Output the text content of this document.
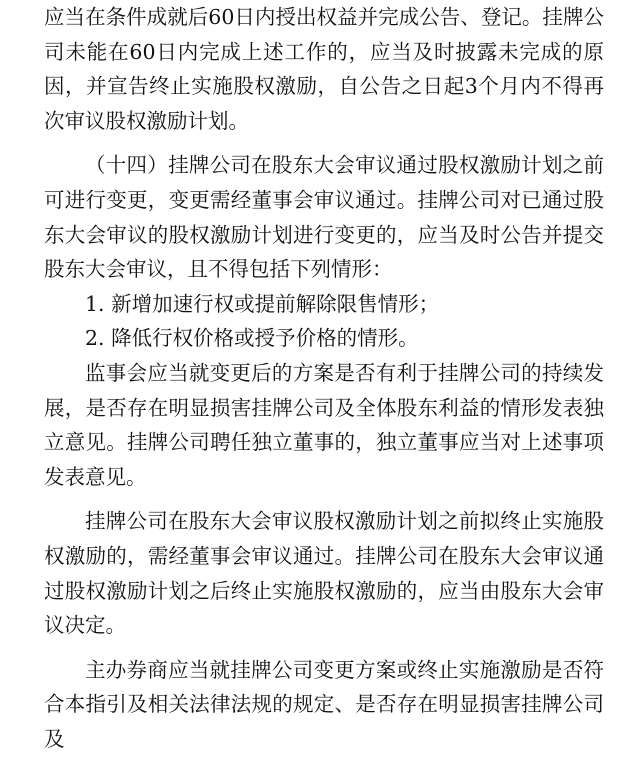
应当在条件成就后60日内授出权益并完成公告、登记。挂牌公司未能在60日内完成上述工作的，应当及时披露未完成的原因，并宣告终止实施股权激励，自公告之日起3个月内不得再次审议股权激励计划。

（十四）挂牌公司在股东大会审议通过股权激励计划之前可进行变更，变更需经董事会审议通过。挂牌公司对已通过股东大会审议的股权激励计划进行变更的，应当及时公告并提交股东大会审议，且不得包括下列情形：

1. 新增加速行权或提前解除限售情形；

2. 降低行权价格或授予价格的情形。

监事会应当就变更后的方案是否有利于挂牌公司的持续发展，是否存在明显损害挂牌公司及全体股东利益的情形发表独立意见。挂牌公司聘任独立董事的，独立董事应当对上述事项发表意见。

挂牌公司在股东大会审议股权激励计划之前拟终止实施股权激励的，需经董事会审议通过。挂牌公司在股东大会审议通过股权激励计划之后终止实施股权激励的，应当由股东大会审议决定。

主办券商应当就挂牌公司变更方案或终止实施激励是否符合本指引及相关法律法规的规定、是否存在明显损害挂牌公司及
